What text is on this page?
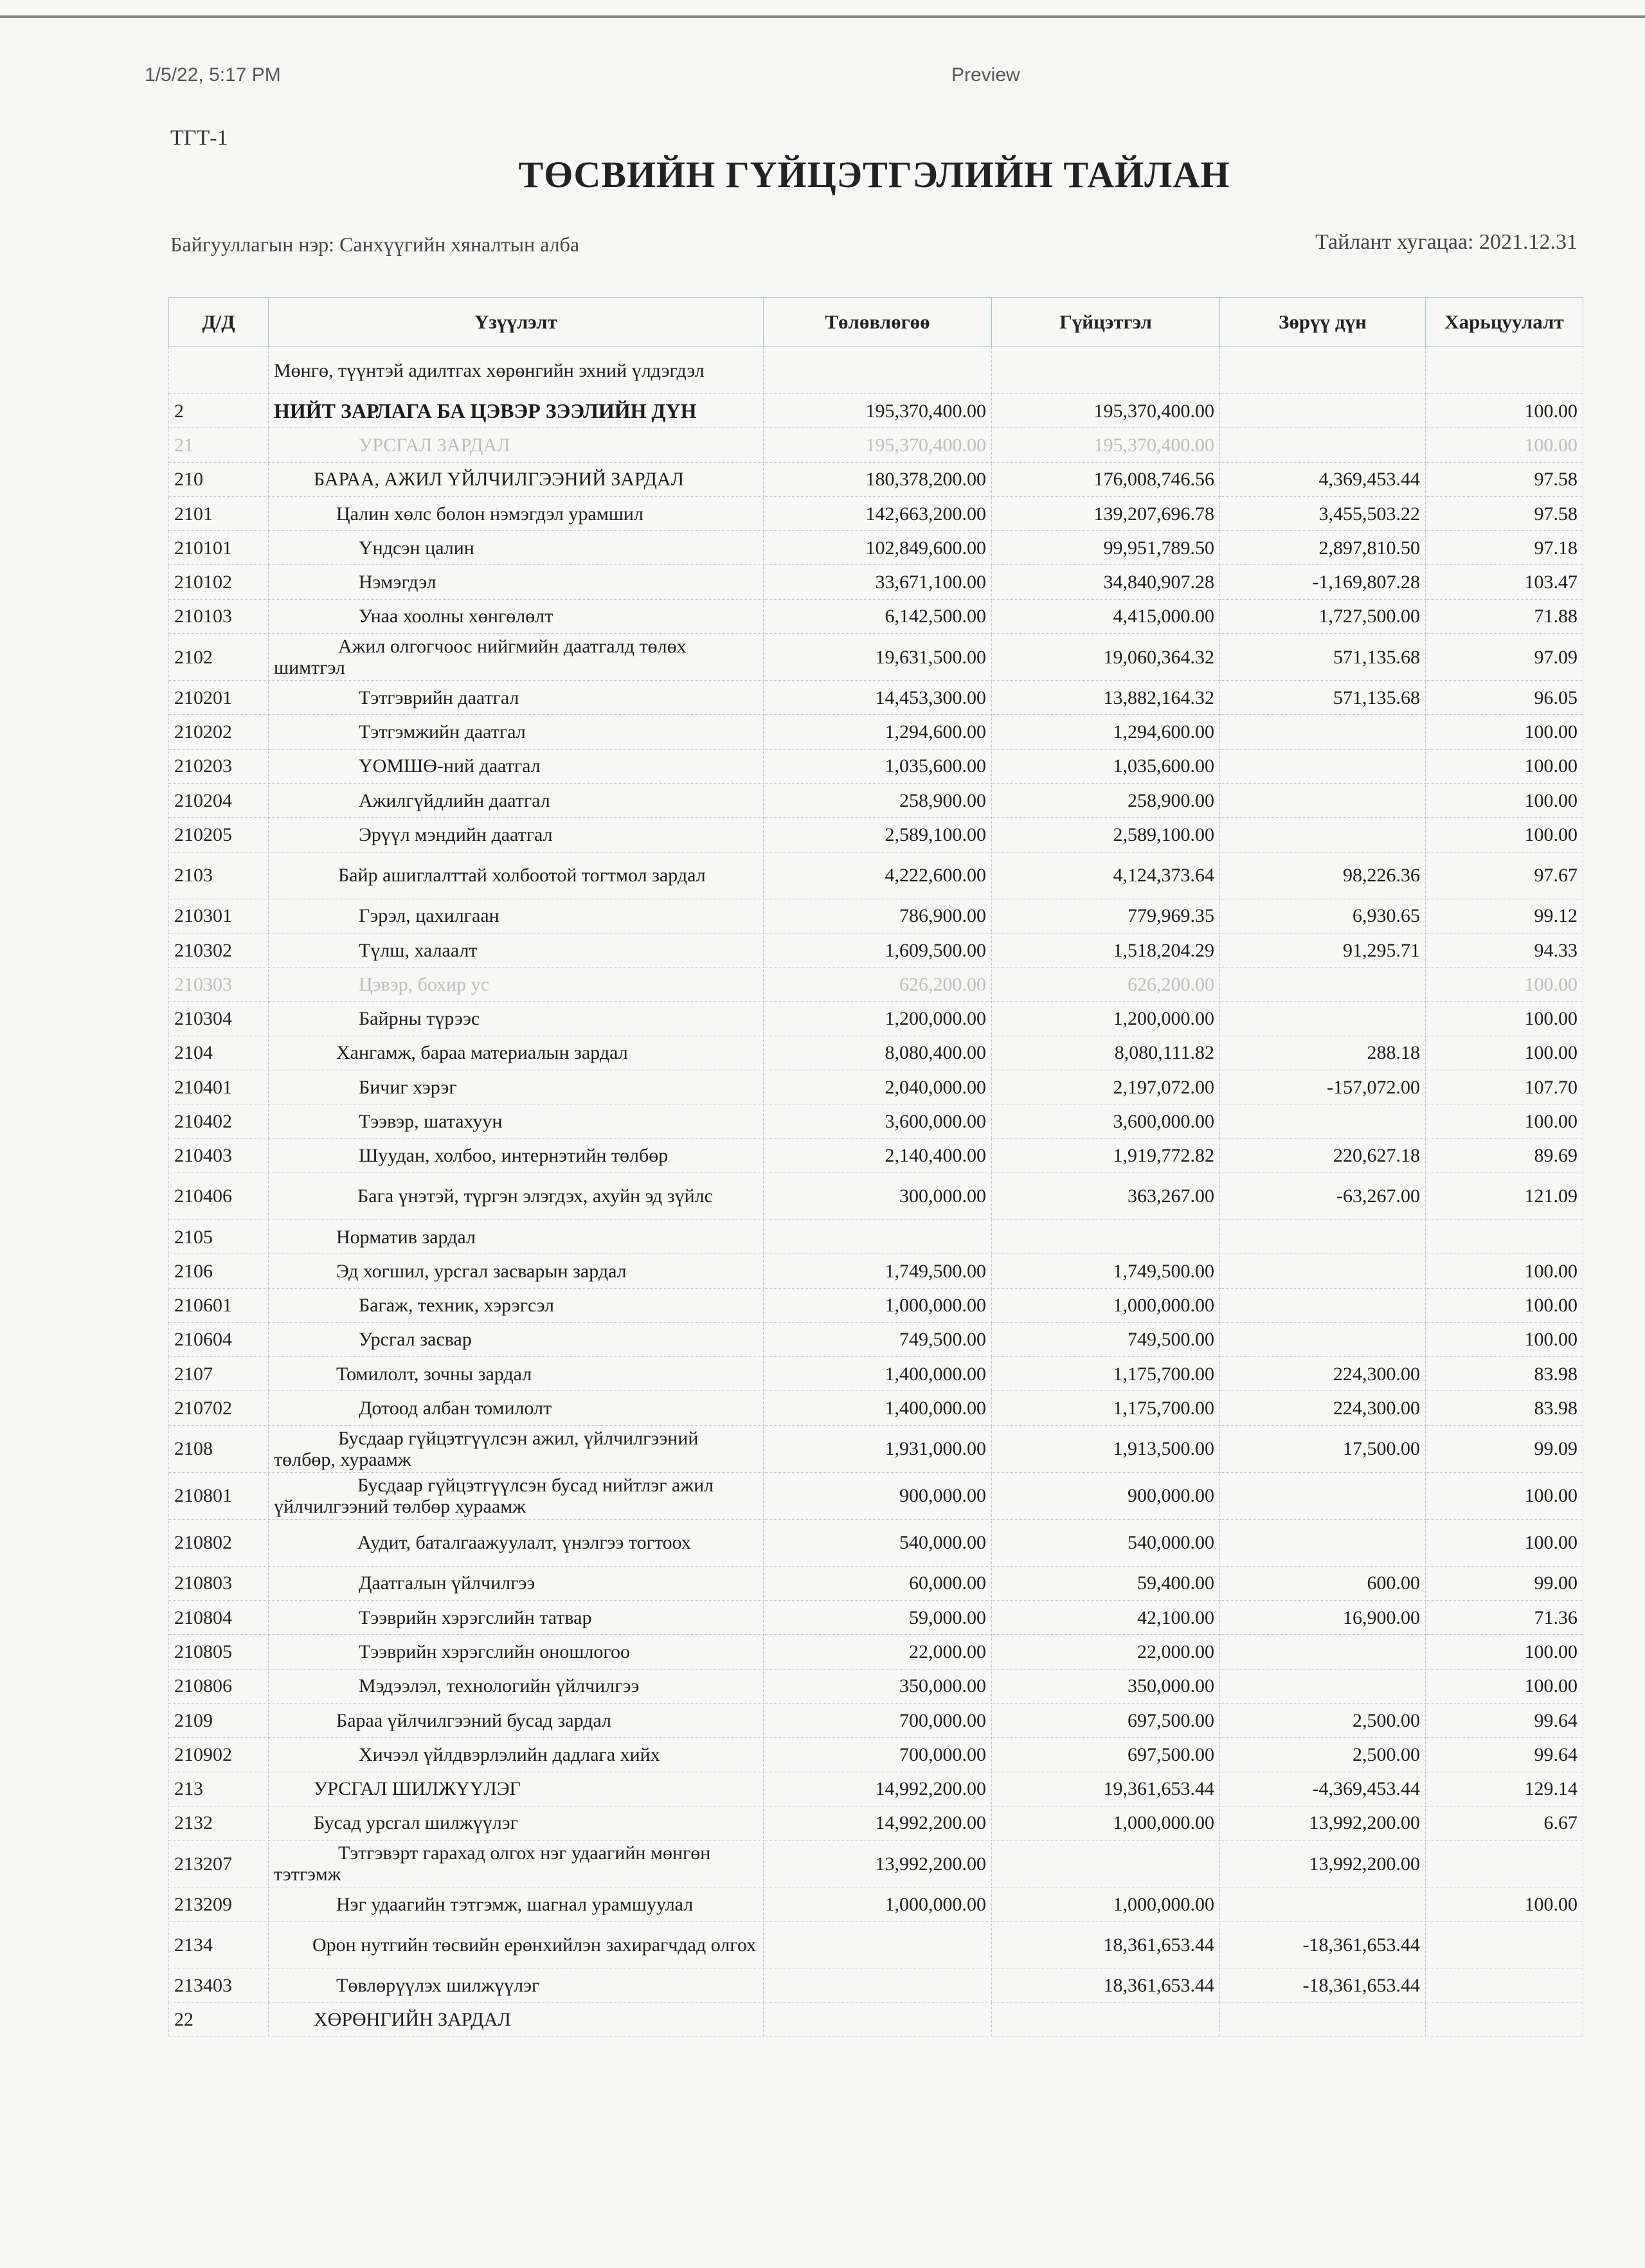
1/5/22, 5:17 PM	Preview
ТГТ-1
ТӨСВИЙН ГҮЙЦЭТГЭЛИЙН ТАЙЛАН
Байгууллагын нэр: Санхүүгийн хяналтын алба	Тайлант хугацаа: 2021.12.31
Д/Д	Үзүүлэлт	Төлөвлөгөө	Гүйцэтгэл	Зөрүү дүн	Харьцуулалт
	Мөнгө, түүнтэй адилтгах хөрөнгийн эхний үлдэгдэл				
2	НИЙТ ЗАРЛАГА БА ЦЭВЭР ЗЭЭЛИЙН ДҮН	195,370,400.00	195,370,400.00		100.00
21	УРСГАЛ ЗАРДАЛ	195,370,400.00	195,370,400.00		100.00
210	БАРАА, АЖИЛ ҮЙЛЧИЛГЭЭНИЙ ЗАРДАЛ	180,378,200.00	176,008,746.56	4,369,453.44	97.58
2101	Цалин хөлс болон нэмэгдэл урамшил	142,663,200.00	139,207,696.78	3,455,503.22	97.58
210101	Үндсэн цалин	102,849,600.00	99,951,789.50	2,897,810.50	97.18
210102	Нэмэгдэл	33,671,100.00	34,840,907.28	-1,169,807.28	103.47
210103	Унаа хоолны хөнгөлөлт	6,142,500.00	4,415,000.00	1,727,500.00	71.88
2102	Ажил олгогчоос нийгмийн даатгалд төлөх шимтгэл	19,631,500.00	19,060,364.32	571,135.68	97.09
210201	Тэтгэврийн даатгал	14,453,300.00	13,882,164.32	571,135.68	96.05
210202	Тэтгэмжийн даатгал	1,294,600.00	1,294,600.00		100.00
210203	ҮОМШӨ-ний даатгал	1,035,600.00	1,035,600.00		100.00
210204	Ажилгүйдлийн даатгал	258,900.00	258,900.00		100.00
210205	Эрүүл мэндийн даатгал	2,589,100.00	2,589,100.00		100.00
2103	Байр ашиглалттай холбоотой тогтмол зардал	4,222,600.00	4,124,373.64	98,226.36	97.67
210301	Гэрэл, цахилгаан	786,900.00	779,969.35	6,930.65	99.12
210302	Түлш, халаалт	1,609,500.00	1,518,204.29	91,295.71	94.33
210303	Цэвэр, бохир ус	626,200.00	626,200.00		100.00
210304	Байрны түрээс	1,200,000.00	1,200,000.00		100.00
2104	Хангамж, бараа материалын зардал	8,080,400.00	8,080,111.82	288.18	100.00
210401	Бичиг хэрэг	2,040,000.00	2,197,072.00	-157,072.00	107.70
210402	Тээвэр, шатахуун	3,600,000.00	3,600,000.00		100.00
210403	Шуудан, холбоо, интернэтийн төлбөр	2,140,400.00	1,919,772.82	220,627.18	89.69
210406	Бага үнэтэй, түргэн элэгдэх, ахуйн эд зүйлс	300,000.00	363,267.00	-63,267.00	121.09
2105	Норматив зардал				
2106	Эд хогшил, урсгал засварын зардал	1,749,500.00	1,749,500.00		100.00
210601	Багаж, техник, хэрэгсэл	1,000,000.00	1,000,000.00		100.00
210604	Урсгал засвар	749,500.00	749,500.00		100.00
2107	Томилолт, зочны зардал	1,400,000.00	1,175,700.00	224,300.00	83.98
210702	Дотоод албан томилолт	1,400,000.00	1,175,700.00	224,300.00	83.98
2108	Бусдаар гүйцэтгүүлсэн ажил, үйлчилгээний төлбөр, хураамж	1,931,000.00	1,913,500.00	17,500.00	99.09
210801	Бусдаар гүйцэтгүүлсэн бусад нийтлэг ажил үйлчилгээний төлбөр хураамж	900,000.00	900,000.00		100.00
210802	Аудит, баталгаажуулалт, үнэлгээ тогтоох	540,000.00	540,000.00		100.00
210803	Даатгалын үйлчилгээ	60,000.00	59,400.00	600.00	99.00
210804	Тээврийн хэрэгслийн татвар	59,000.00	42,100.00	16,900.00	71.36
210805	Тээврийн хэрэгслийн оношлогоо	22,000.00	22,000.00		100.00
210806	Мэдээлэл, технологийн үйлчилгээ	350,000.00	350,000.00		100.00
2109	Бараа үйлчилгээний бусад зардал	700,000.00	697,500.00	2,500.00	99.64
210902	Хичээл үйлдвэрлэлийн дадлага хийх	700,000.00	697,500.00	2,500.00	99.64
213	УРСГАЛ ШИЛЖҮҮЛЭГ	14,992,200.00	19,361,653.44	-4,369,453.44	129.14
2132	Бусад урсгал шилжүүлэг	14,992,200.00	1,000,000.00	13,992,200.00	6.67
213207	Тэтгэвэрт гарахад олгох нэг удаагийн мөнгөн тэтгэмж	13,992,200.00		13,992,200.00	
213209	Нэг удаагийн тэтгэмж, шагнал урамшуулал	1,000,000.00	1,000,000.00		100.00
2134	Орон нутгийн төсвийн ерөнхийлэн захирагчдад олгох		18,361,653.44	-18,361,653.44	
213403	Төвлөрүүлэх шилжүүлэг		18,361,653.44	-18,361,653.44	
22	ХӨРӨНГИЙН ЗАРДАЛ				
